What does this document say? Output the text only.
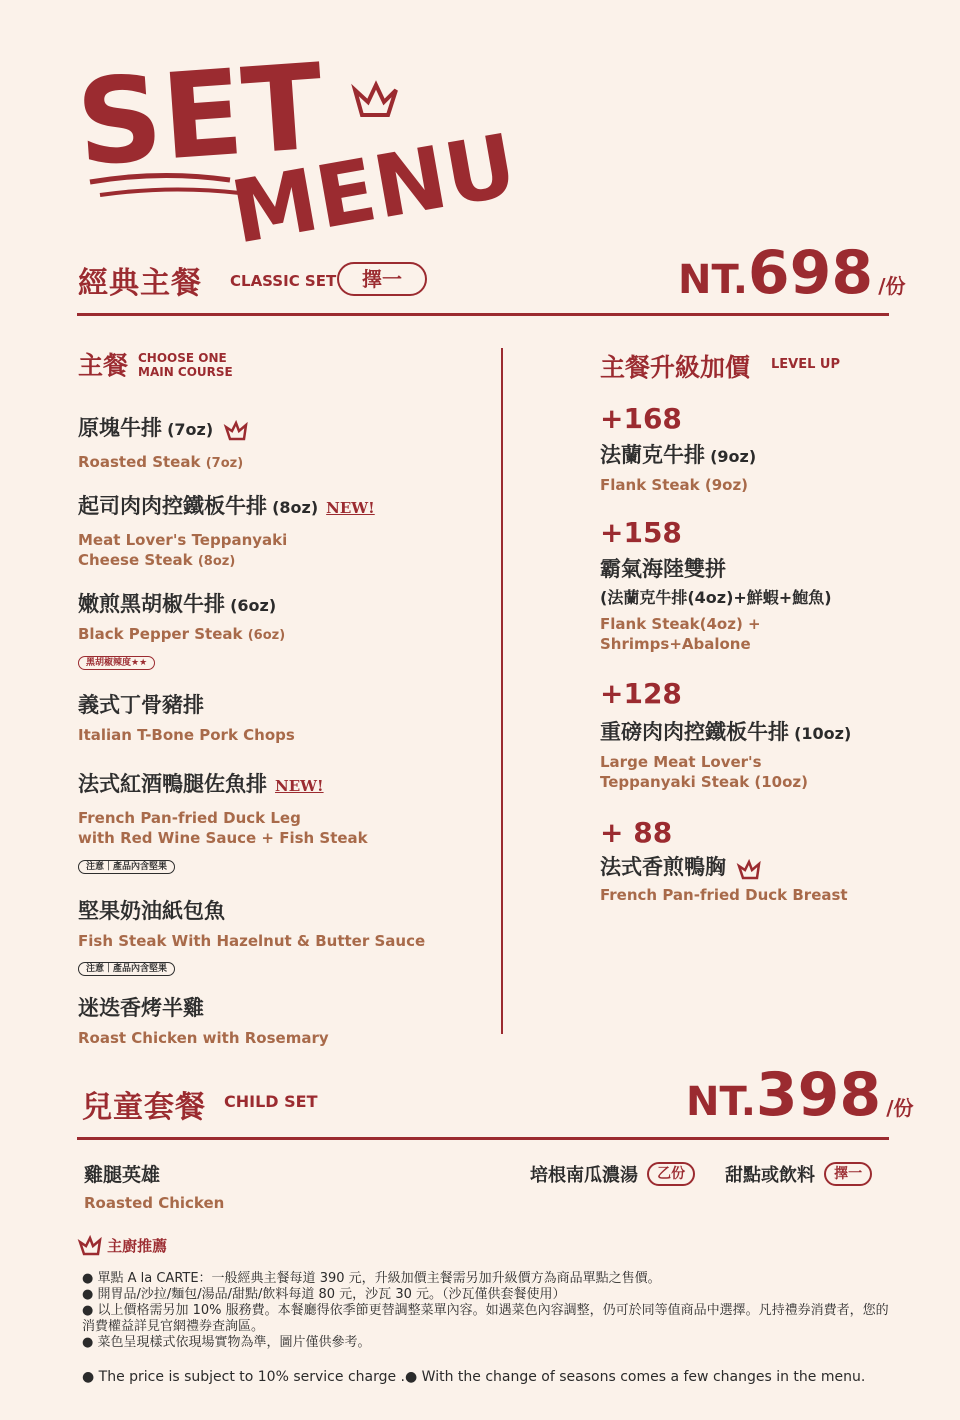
SET
MENU
經典主餐 CLASSIC SET	擇一	NT.698 /份
主餐 CHOOSE ONE
MAIN COURSE
原塊牛排 (7oz)
Roasted Steak (7oz)
起司肉肉控鐵板牛排 (8oz) NEW!
Meat Lover's Teppanyaki
Cheese Steak (8oz)
嫩煎黑胡椒牛排 (6oz)
Black Pepper Steak (6oz)
黑胡椒辣度★★
義式丁骨豬排
Italian T-Bone Pork Chops
法式紅酒鴨腿佐魚排 NEW!
French Pan-fried Duck Leg
with Red Wine Sauce + Fish Steak
注意｜產品內含堅果
堅果奶油紙包魚
Fish Steak With Hazelnut & Butter Sauce
注意｜產品內含堅果
迷迭香烤半雞
Roast Chicken with Rosemary
主餐升級加價 LEVEL UP
+168
法蘭克牛排 (9oz)
Flank Steak (9oz)
+158
霸氣海陸雙拼
(法蘭克牛排(4oz)+鮮蝦+鮑魚)
Flank Steak(4oz) +
Shrimps+Abalone
+128
重磅肉肉控鐵板牛排 (10oz)
Large Meat Lover's
Teppanyaki Steak (10oz)
+ 88
法式香煎鴨胸
French Pan-fried Duck Breast
兒童套餐 CHILD SET	NT.398 /份
雞腿英雄
Roasted Chicken
培根南瓜濃湯 乙份	甜點或飲料 擇一
主廚推薦
● 單點 A la CARTE：一般經典主餐每道 390 元，升級加價主餐需另加升級價方為商品單點之售價。
● 開胃品/沙拉/麵包/湯品/甜點/飲料每道 80 元，沙瓦 30 元。（沙瓦僅供套餐使用）
● 以上價格需另加 10% 服務費。本餐廳得依季節更替調整菜單內容。如遇菜色內容調整，仍可於同等值商品中選擇。凡持禮券消費者，您的消費權益詳見官網禮券查詢區。
● 菜色呈現樣式依現場實物為準，圖片僅供參考。
● The price is subject to 10% service charge .● With the change of seasons comes a few changes in the menu.
